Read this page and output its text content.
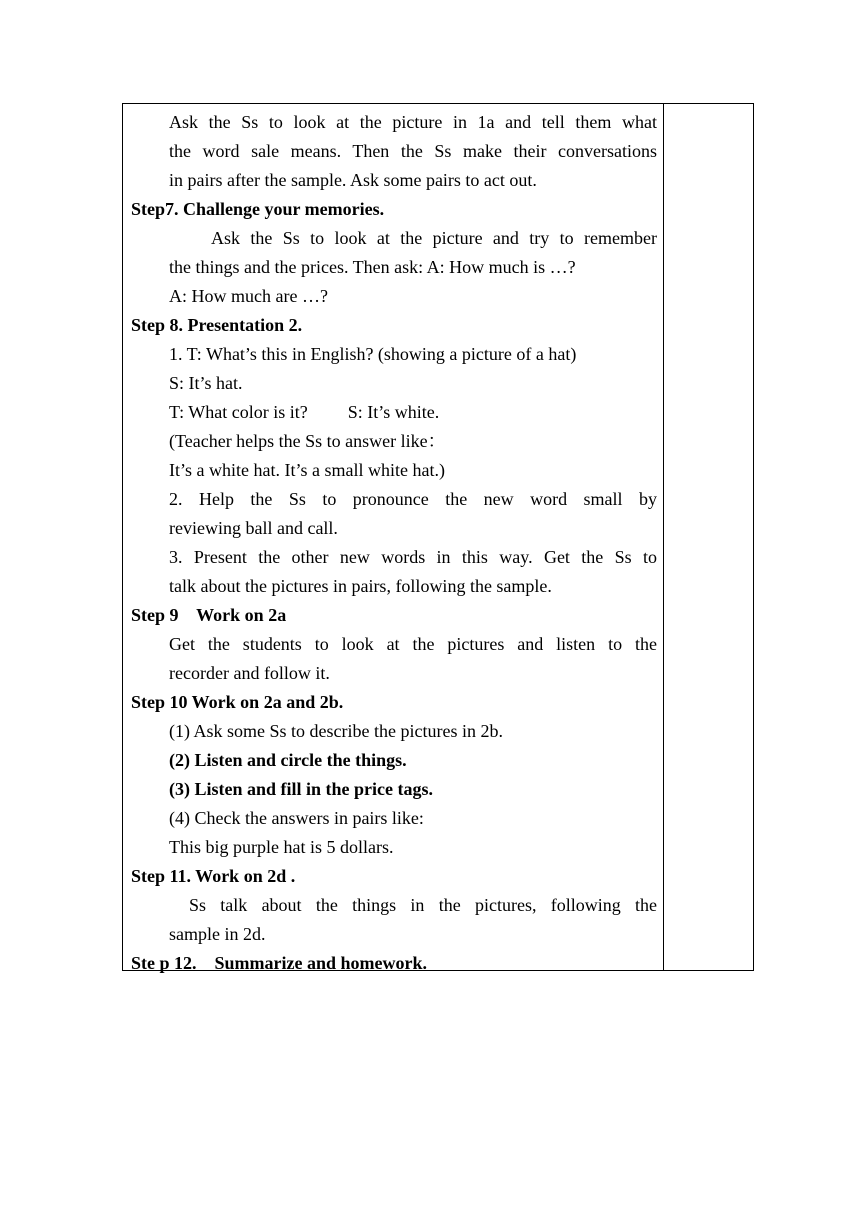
Ask the Ss to look at the picture in 1a and tell them what
the word sale means. Then the Ss make their conversations
in pairs after the sample. Ask some pairs to act out.
Step7. Challenge your memories.
Ask the Ss to look at the picture and try to remember
the things and the prices. Then ask: A: How much is …?
A: How much are …?
Step 8. Presentation 2.
1. T: What’s this in English? (showing a picture of a hat)
S: It’s hat.
T: What color is it? S: It’s white.
(Teacher helps the Ss to answer like：
It’s a white hat. It’s a small white hat.)
2. Help the Ss to pronounce the new word small by
reviewing ball and call.
3. Present the other new words in this way. Get the Ss to
talk about the pictures in pairs, following the sample.
Step 9    Work on 2a
Get the students to look at the pictures and listen to the
recorder and follow it.
Step 10 Work on 2a and 2b.
(1) Ask some Ss to describe the pictures in 2b.
(2) Listen and circle the things.
(3) Listen and fill in the price tags.
(4) Check the answers in pairs like:
This big purple hat is 5 dollars.
Step 11. Work on 2d .
Ss talk about the things in the pictures, following the
sample in 2d.
Ste p 12.    Summarize and homework.
